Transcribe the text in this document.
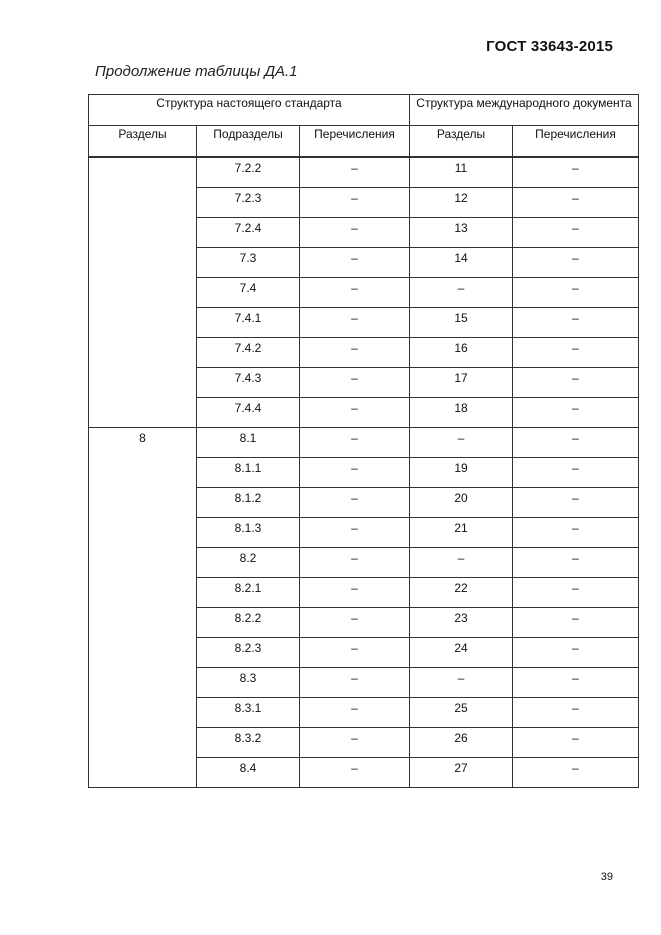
ГОСТ 33643-2015
Продолжение таблицы ДА.1
Структура настоящего стандарта			Структура международного документа	
Разделы	Подразделы	Перечисления	Разделы	Перечисления
	7.2.2	–	11	–
	7.2.3	–	12	–
	7.2.4	–	13	–
	7.3	–	14	–
	7.4	–	–	–
	7.4.1	–	15	–
	7.4.2	–	16	–
	7.4.3	–	17	–
	7.4.4	–	18	–
8	8.1	–	–	–
	8.1.1	–	19	–
	8.1.2	–	20	–
	8.1.3	–	21	–
	8.2	–	–	–
	8.2.1	–	22	–
	8.2.2	–	23	–
	8.2.3	–	24	–
	8.3	–	–	–
	8.3.1	–	25	–
	8.3.2	–	26	–
	8.4	–	27	–
39
